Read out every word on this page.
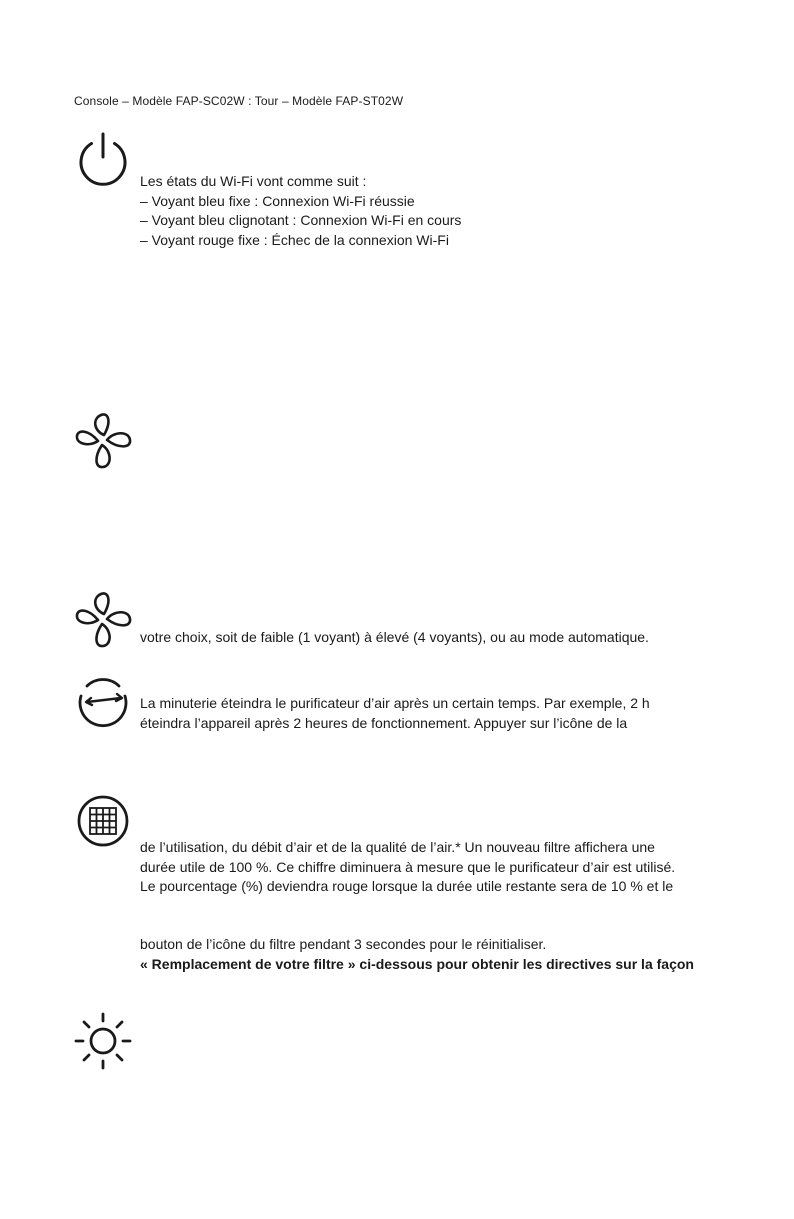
Console – Modèle FAP-SC02W : Tour – Modèle FAP-ST02W
Les états du Wi-Fi vont comme suit :
– Voyant bleu fixe : Connexion Wi-Fi réussie
– Voyant bleu clignotant : Connexion Wi-Fi en cours
– Voyant rouge fixe : Échec de la connexion Wi-Fi
votre choix, soit de faible (1 voyant) à élevé (4 voyants), ou au mode automatique.
La minuterie éteindra le purificateur d’air après un certain temps. Par exemple, 2 h
éteindra l’appareil après 2 heures de fonctionnement. Appuyer sur l’icône de la
de l’utilisation, du débit d’air et de la qualité de l’air.* Un nouveau filtre affichera une
durée utile de 100 %. Ce chiffre diminuera à mesure que le purificateur d’air est utilisé.
Le pourcentage (%) deviendra rouge lorsque la durée utile restante sera de 10 % et le
bouton de l’icône du filtre pendant 3 secondes pour le réinitialiser.
« Remplacement de votre filtre » ci-dessous pour obtenir les directives sur la façon
